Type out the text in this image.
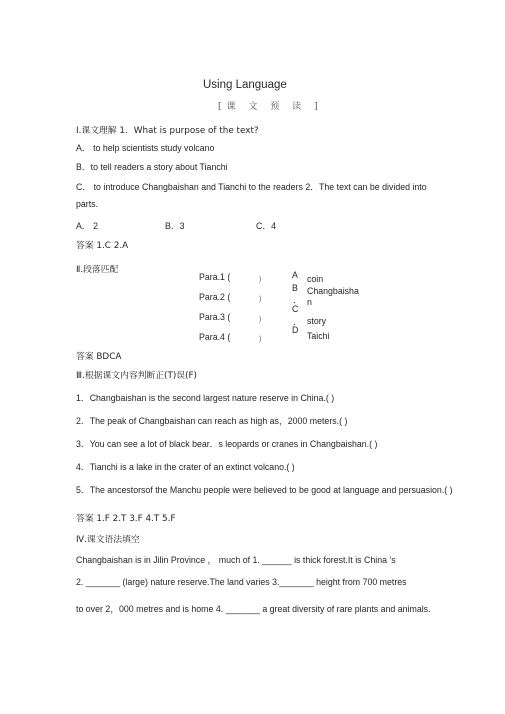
Using Language
[课 文 预 读 ]
Ⅰ.课文理解 1．What is purpose of the text?
A． to help scientists study volcano
B．to tell readers a story about Tianchi
C． to introduce Changbaishan and Tianchi to the readers 2．The text can be divided into
parts.
A． 2	B．3	C．4
答案 1.C 2.A
Ⅱ.段落匹配
Para.1 (
Para.2 (
Para.3 (
Para.4 (
)
)
)
)
A
B
．
C
．
D
coin
Changbaisha
n
story
Taichi
答案 BDCA
Ⅲ.根据课文内容判断正(T)误(F)
1．Changbaishan is the second largest nature reserve in China.( )
2．The peak of Changbaishan can reach as high as，2000 meters.( )
3．You can see a lot of black bear．s leopards or cranes in Changbaishan.( )
4．Tianchi is a lake in the crater of an extinct volcano.( )
5．The ancestorsof the Manchu people were believed to be good at language and persuasion.( )
答案 1.F 2.T 3.F 4.T 5.F
Ⅳ.课文语法填空
Changbaishan is in Jilin Province ， much of 1. ______ is thick forest.It is China ’s
2. _______ (large) nature reserve.The land varies 3._______ height from 700 metres
to over 2，000 metres and is home 4. _______ a great diversity of rare plants and animals.
